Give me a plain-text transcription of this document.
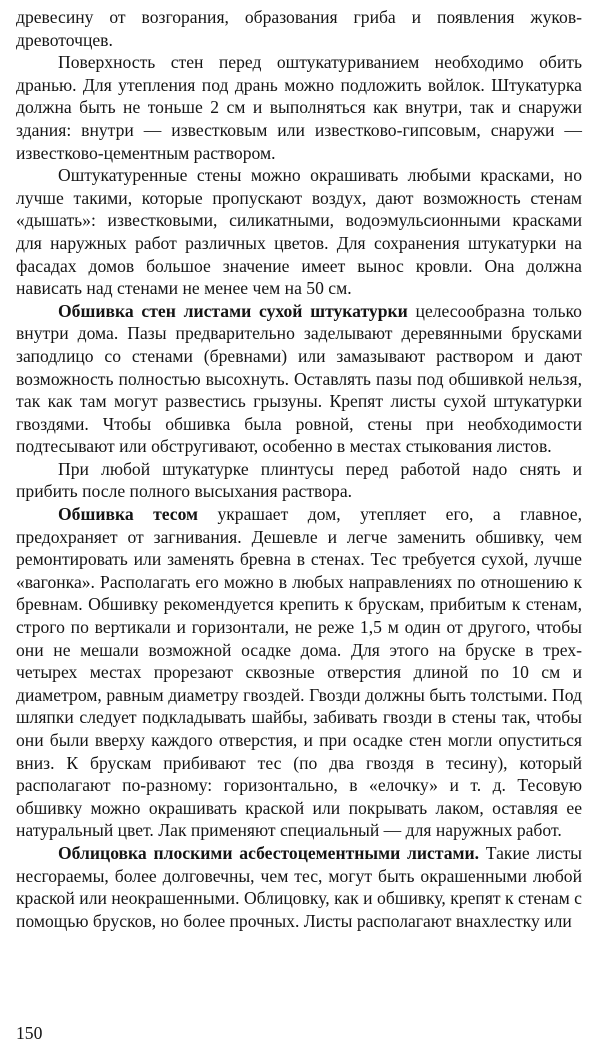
древесину от возгорания, образования гриба и появления жуков-древоточцев.

Поверхность стен перед оштукатуриванием необходимо обить дранью. Для утепления под дрань можно подложить войлок. Штукатурка должна быть не тоньше 2 см и выполняться как внутри, так и снаружи здания: внутри — известковым или известково-гипсовым, снаружи — известково-цементным раствором.

Оштукатуренные стены можно окрашивать любыми красками, но лучше такими, которые пропускают воздух, дают возможность стенам «дышать»: известковыми, силикатными, водоэмульсионными красками для наружных работ различных цветов. Для сохранения штукатурки на фасадах домов большое значение имеет вынос кровли. Она должна нависать над стенами не менее чем на 50 см.

Обшивка стен листами сухой штукатурки целесообразна только внутри дома. Пазы предварительно заделывают деревянными брусками заподлицо со стенами (бревнами) или замазывают раствором и дают возможность полностью высохнуть. Оставлять пазы под обшивкой нельзя, так как там могут развестись грызуны. Крепят листы сухой штукатурки гвоздями. Чтобы обшивка была ровной, стены при необходимости подтесывают или обстругивают, особенно в местах стыкования листов.

При любой штукатурке плинтусы перед работой надо снять и прибить после полного высыхания раствора.

Обшивка тесом украшает дом, утепляет его, а главное, предохраняет от загнивания. Дешевле и легче заменить обшивку, чем ремонтировать или заменять бревна в стенах. Тес требуется сухой, лучше «вагонка». Располагать его можно в любых направлениях по отношению к бревнам. Обшивку рекомендуется крепить к брускам, прибитым к стенам, строго по вертикали и горизонтали, не реже 1,5 м один от другого, чтобы они не мешали возможной осадке дома. Для этого на бруске в трех-четырех местах прорезают сквозные отверстия длиной по 10 см и диаметром, равным диаметру гвоздей. Гвозди должны быть толстыми. Под шляпки следует подкладывать шайбы, забивать гвозди в стены так, чтобы они были вверху каждого отверстия, и при осадке стен могли опуститься вниз. К брускам прибивают тес (по два гвоздя в тесину), который располагают по-разному: горизонтально, в «елочку» и т. д. Тесовую обшивку можно окрашивать краской или покрывать лаком, оставляя ее натуральный цвет. Лак применяют специальный — для наружных работ.

Облицовка плоскими асбестоцементными листами. Такие листы несгораемы, более долговечны, чем тес, могут быть окрашенными любой краской или неокрашенными. Облицовку, как и обшивку, крепят к стенам с помощью брусков, но более прочных. Листы располагают внахлестку или

150
